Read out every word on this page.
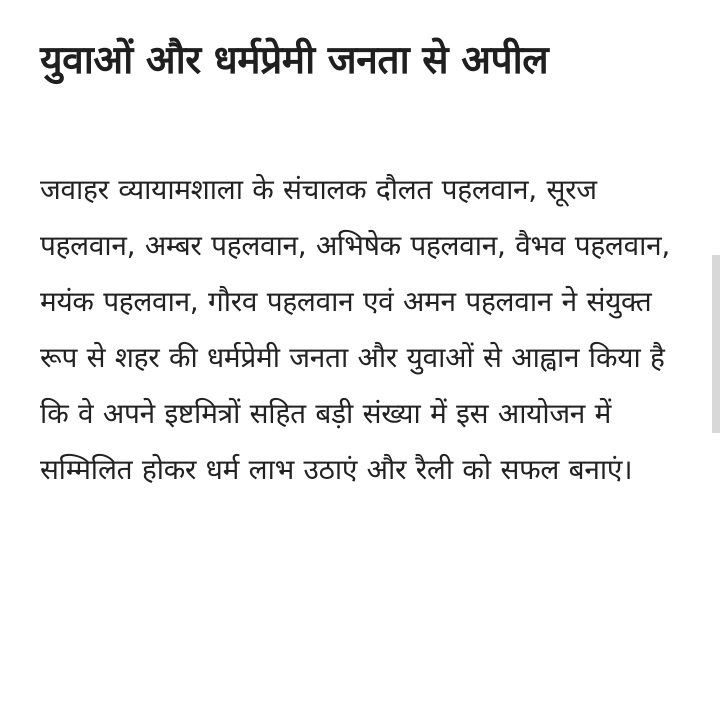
युवाओं और धर्मप्रेमी जनता से अपील

जवाहर व्यायामशाला के संचालक दौलत पहलवान, सूरज पहलवान, अम्बर पहलवान, अभिषेक पहलवान, वैभव पहलवान, मयंक पहलवान, गौरव पहलवान एवं अमन पहलवान ने संयुक्त रूप से शहर की धर्मप्रेमी जनता और युवाओं से आह्वान किया है कि वे अपने इष्टमित्रों सहित बड़ी संख्या में इस आयोजन में सम्मिलित होकर धर्म लाभ उठाएं और रैली को सफल बनाएं।
